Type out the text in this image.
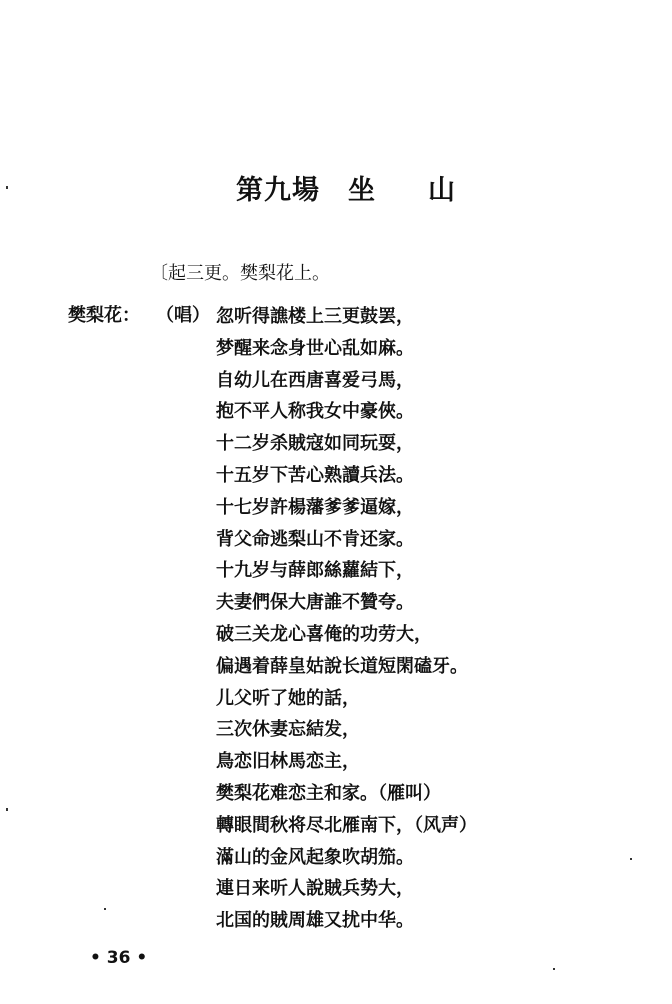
第九場 坐 山
〔起三更。樊梨花上。
樊梨花： （唱） 忽听得譙楼上三更鼓罢，
梦醒来念身世心乱如麻。
自幼儿在西唐喜爱弓馬，
抱不平人称我女中豪俠。
十二岁杀賊寇如同玩耍，
十五岁下苦心熟讀兵法。
十七岁許楊藩爹爹逼嫁，
背父命逃梨山不肯还家。
十九岁与薛郎絲蘿結下，
夫妻們保大唐誰不贊夸。
破三关龙心喜俺的功劳大，
偏遇着薛皇姑說长道短閑磕牙。
儿父听了她的話，
三次休妻忘結发，
鳥恋旧林馬恋主，
樊梨花难恋主和家。（雁叫）
轉眼間秋将尽北雁南下，（风声）
滿山的金风起象吹胡笳。
連日来听人說賊兵势大，
北国的賊周雄又扰中华。
• 36 •
